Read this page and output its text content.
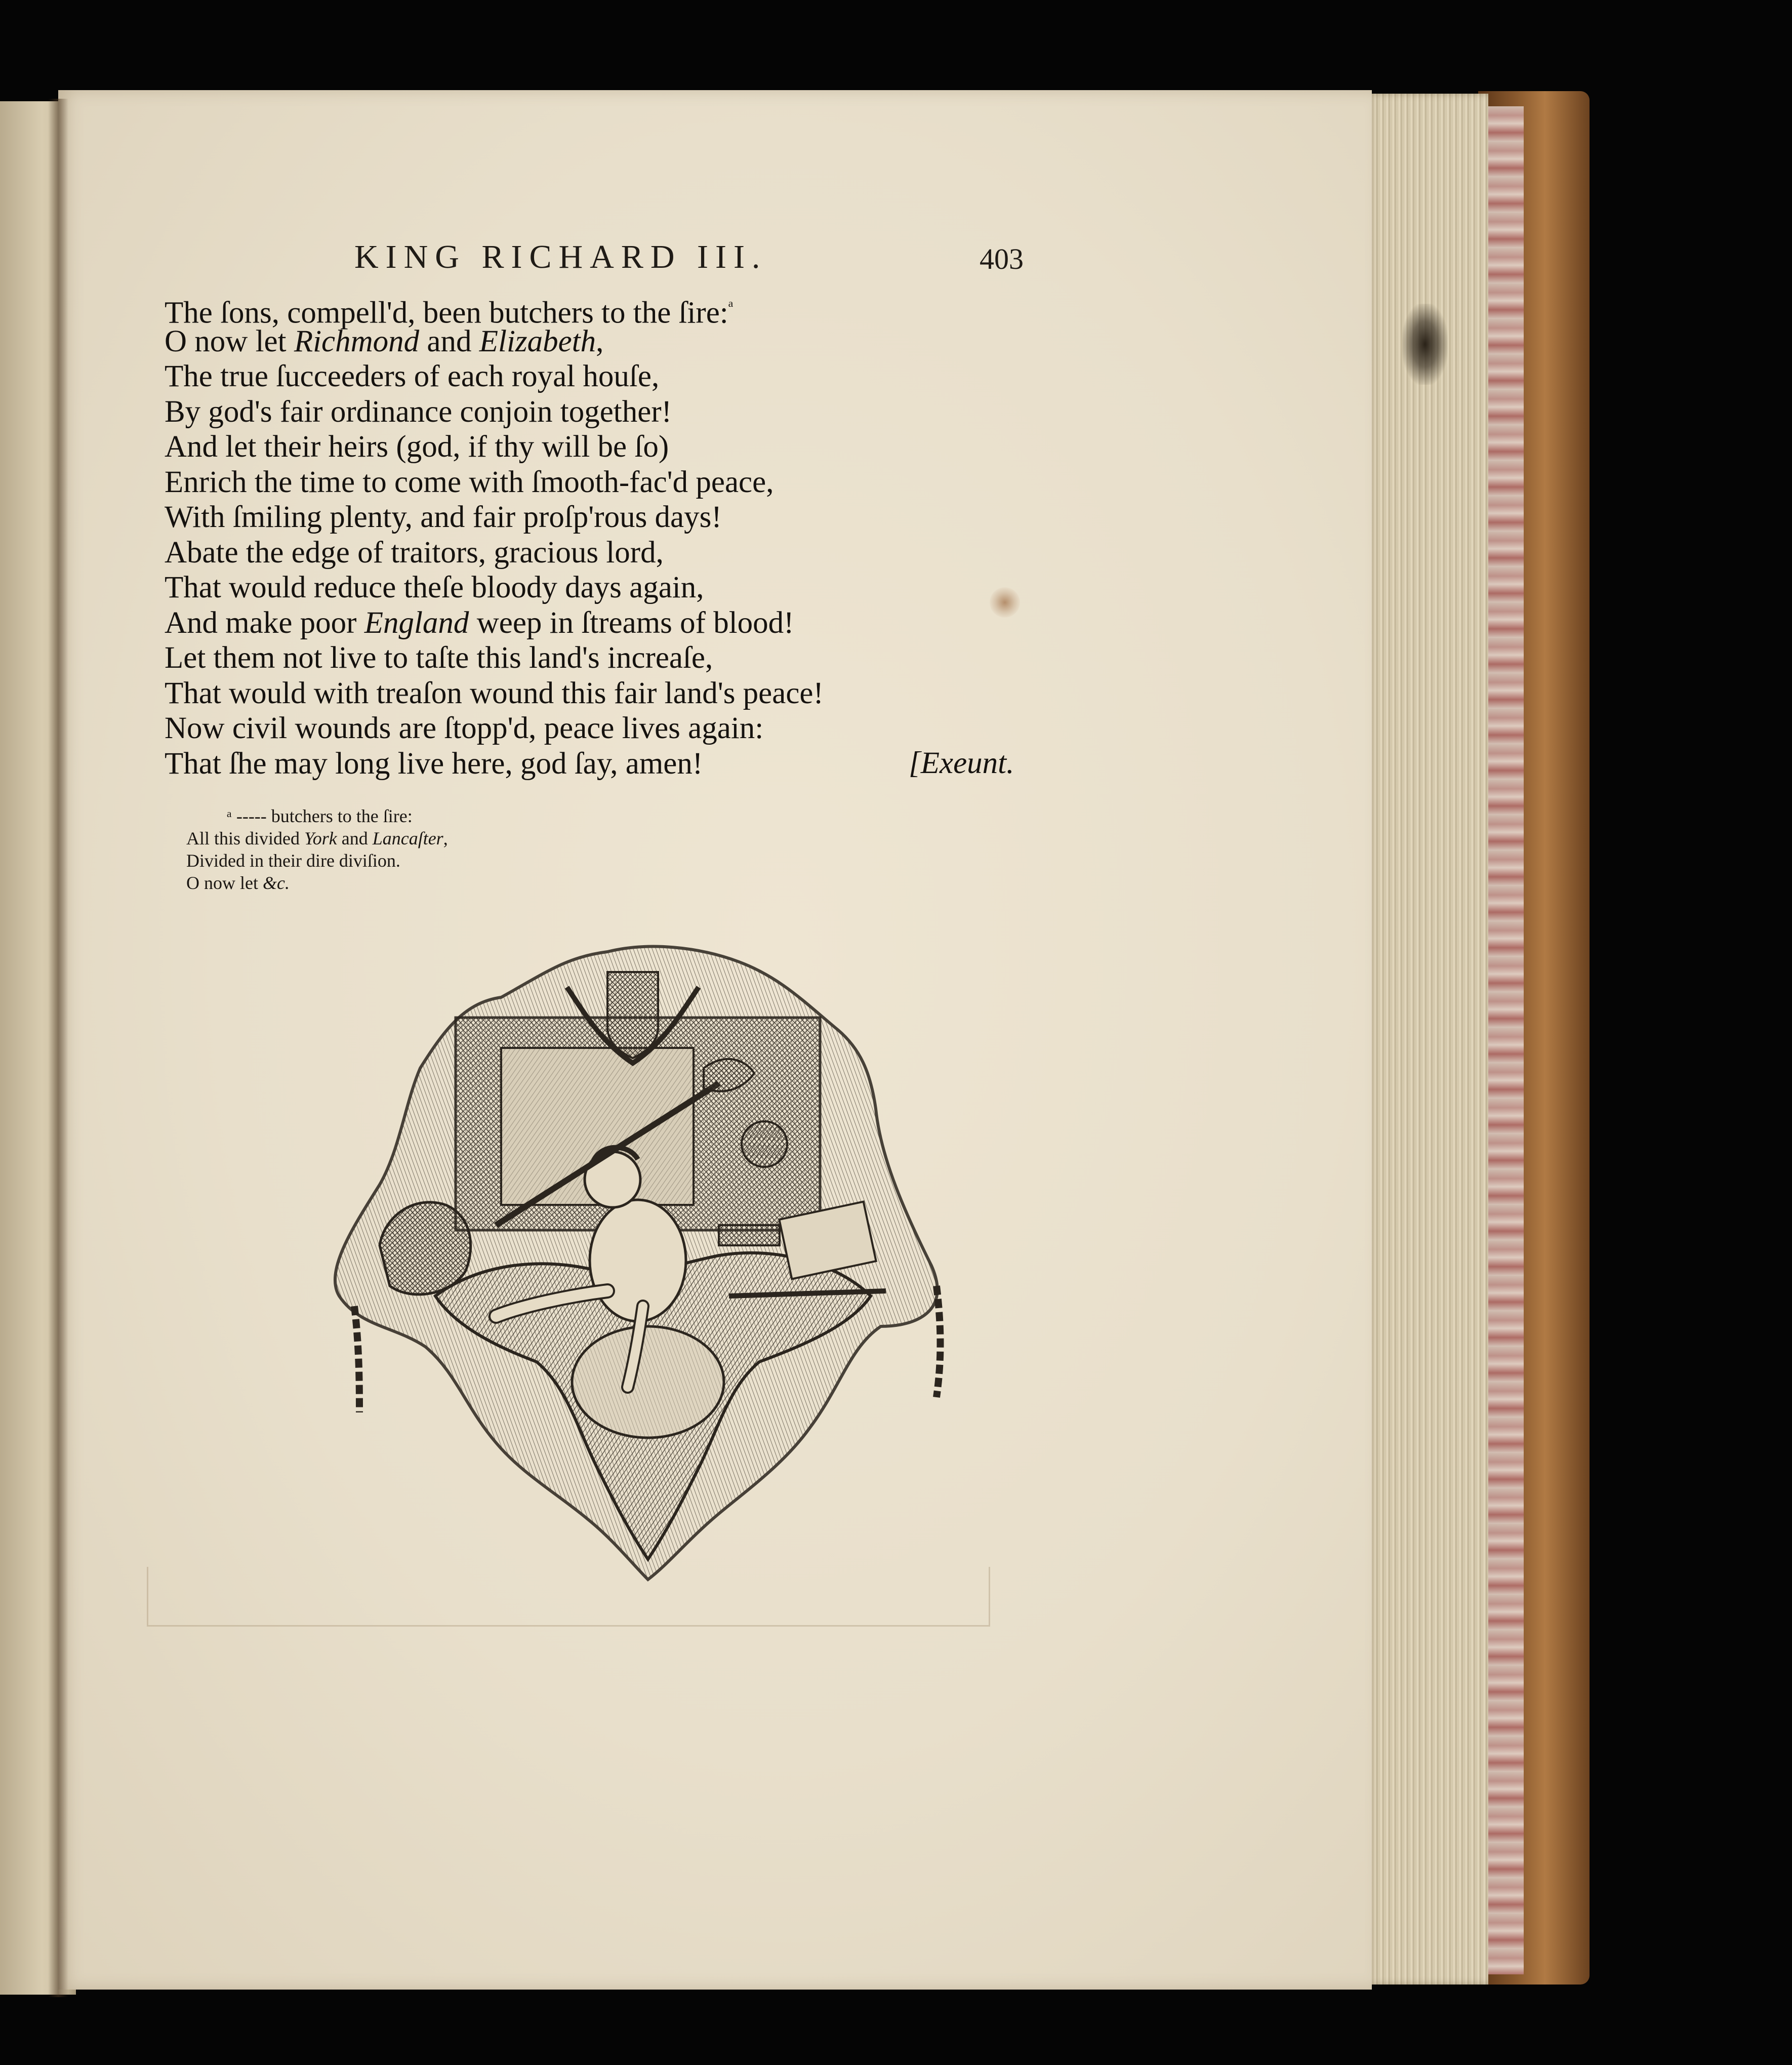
KING RICHARD III.	403
The ſons, compell'd, been butchers to the ſire:$^ᵃ$
O now let Richmond and Elizabeth,
The true ſucceeders of each royal houſe,
By god's fair ordinance conjoin together!
And let their heirs (god, if thy will be ſo)
Enrich the time to come with ſmooth-fac'd peace,
With ſmiling plenty, and fair proſp'rous days!
Abate the edge of traitors, gracious lord,
That would reduce theſe bloody days again,
And make poor England weep in ſtreams of blood!
Let them not live to taſte this land's increaſe,
That would with treaſon wound this fair land's peace!
Now civil wounds are ſtopp'd, peace lives again:
That ſhe may long live here, god ſay, amen!	[Exeunt.
ᵃ ----- butchers to the ſire:
All this divided York and Lancaſter,
Divided in their dire diviſion.
O now let &c.
